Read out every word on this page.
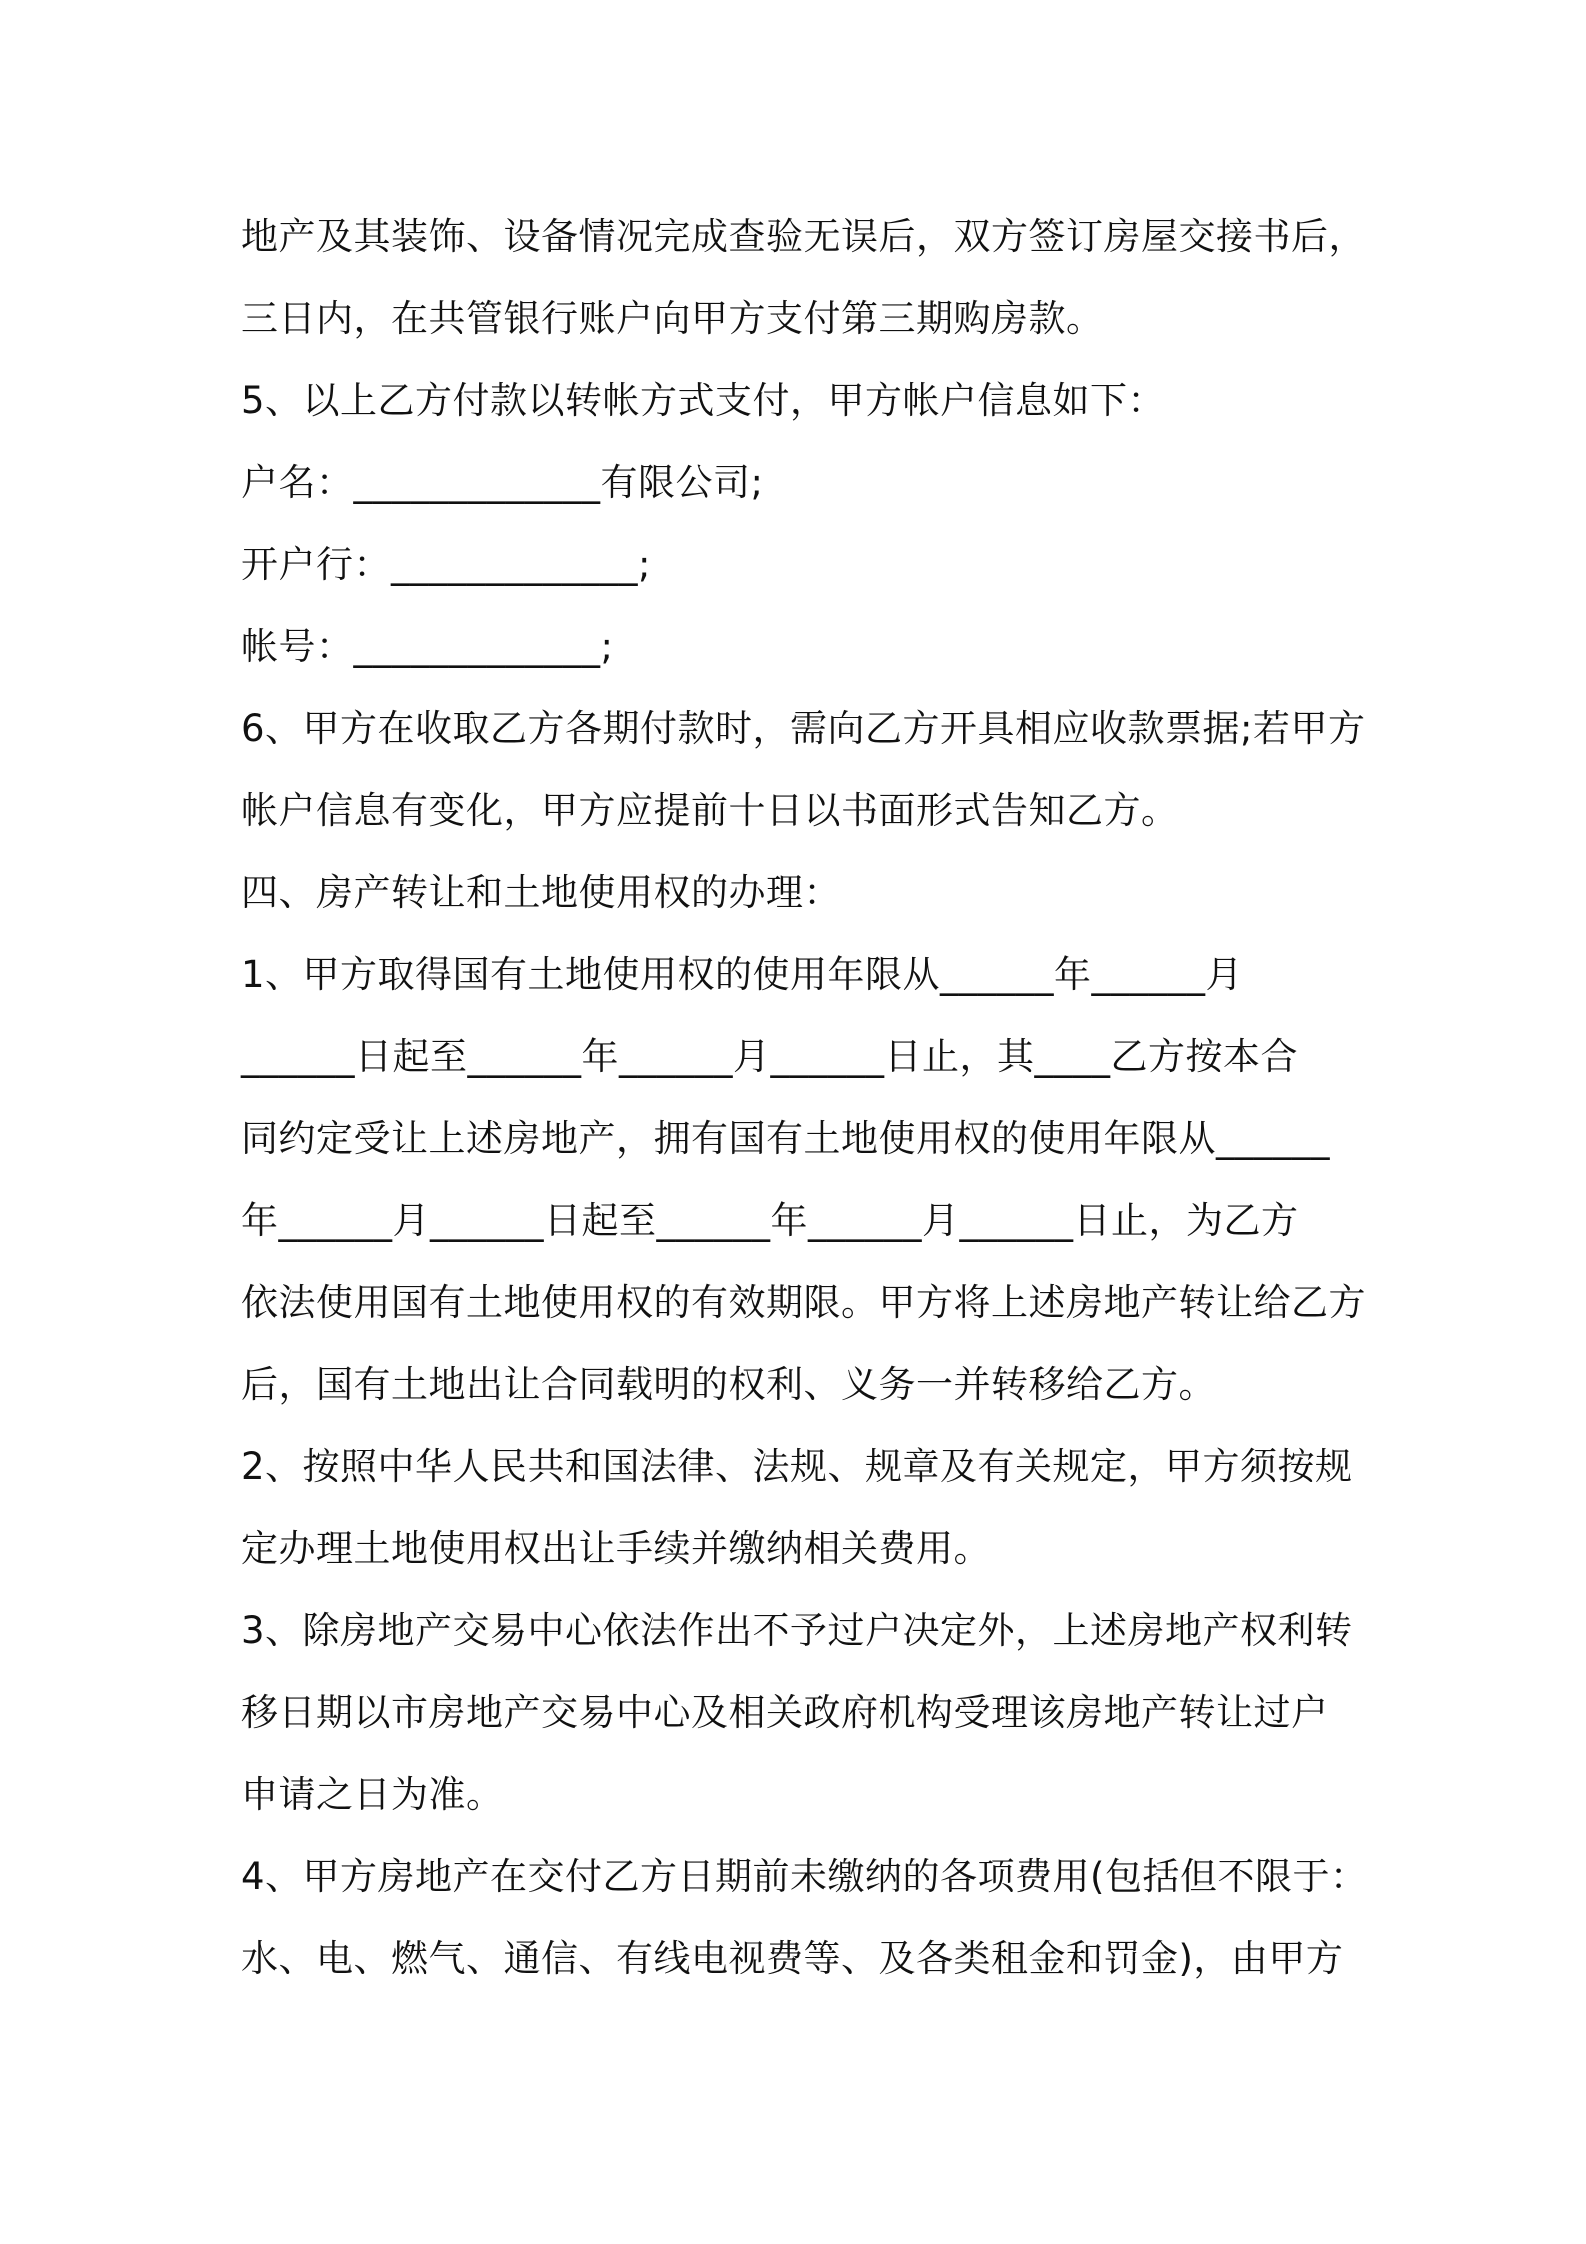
地产及其装饰、设备情况完成查验无误后，双方签订房屋交接书后，
三日内，在共管银行账户向甲方支付第三期购房款。
5、以上乙方付款以转帐方式支付，甲方帐户信息如下：
户名：_____________有限公司;
开户行：_____________;
帐号：_____________;
6、甲方在收取乙方各期付款时，需向乙方开具相应收款票据;若甲方
帐户信息有变化，甲方应提前十日以书面形式告知乙方。
四、房产转让和土地使用权的办理：
1、甲方取得国有土地使用权的使用年限从______年______月
______日起至______年______月______日止，其____乙方按本合
同约定受让上述房地产，拥有国有土地使用权的使用年限从______
年______月______日起至______年______月______日止，为乙方
依法使用国有土地使用权的有效期限。甲方将上述房地产转让给乙方
后，国有土地出让合同载明的权利、义务一并转移给乙方。
2、按照中华人民共和国法律、法规、规章及有关规定，甲方须按规
定办理土地使用权出让手续并缴纳相关费用。
3、除房地产交易中心依法作出不予过户决定外，上述房地产权利转
移日期以市房地产交易中心及相关政府机构受理该房地产转让过户
申请之日为准。
4、甲方房地产在交付乙方日期前未缴纳的各项费用(包括但不限于：
水、电、燃气、通信、有线电视费等、及各类租金和罚金)，由甲方
